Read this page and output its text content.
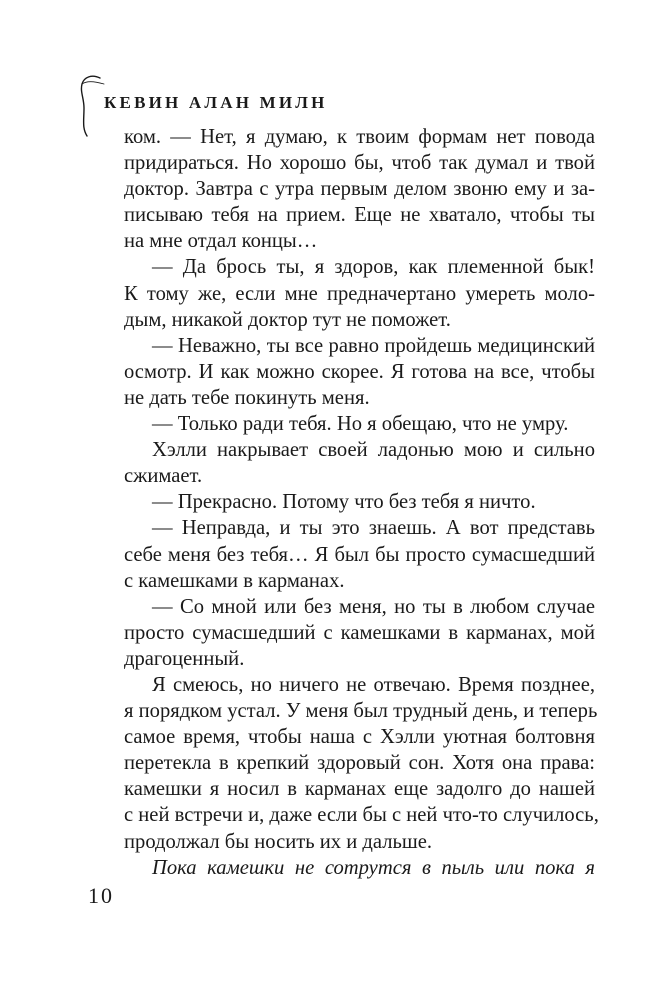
КЕВИН АЛАН МИЛН

ком. — Нет, я думаю, к твоим формам нет повода
придираться. Но хорошо бы, чтоб так думал и твой
доктор. Завтра с утра первым делом звоню ему и за-
писываю тебя на прием. Еще не хватало, чтобы ты
на мне отдал концы…

— Да брось ты, я здоров, как племенной бык!
К тому же, если мне предначертано умереть моло-
дым, никакой доктор тут не поможет.

— Неважно, ты все равно пройдешь медицинский
осмотр. И как можно скорее. Я готова на все, чтобы
не дать тебе покинуть меня.

— Только ради тебя. Но я обещаю, что не умру.

Хэлли накрывает своей ладонью мою и сильно
сжимает.

— Прекрасно. Потому что без тебя я ничто.

— Неправда, и ты это знаешь. А вот представь
себе меня без тебя… Я был бы просто сумасшедший
с камешками в карманах.

— Со мной или без меня, но ты в любом случае
просто сумасшедший с камешками в карманах, мой
драгоценный.

Я смеюсь, но ничего не отвечаю. Время позднее,
я порядком устал. У меня был трудный день, и теперь
самое время, чтобы наша с Хэлли уютная болтовня
перетекла в крепкий здоровый сон. Хотя она права:
камешки я носил в карманах еще задолго до нашей
с ней встречи и, даже если бы с ней что-то случилось,
продолжал бы носить их и дальше.

Пока камешки не сотрутся в пыль или пока я

10
